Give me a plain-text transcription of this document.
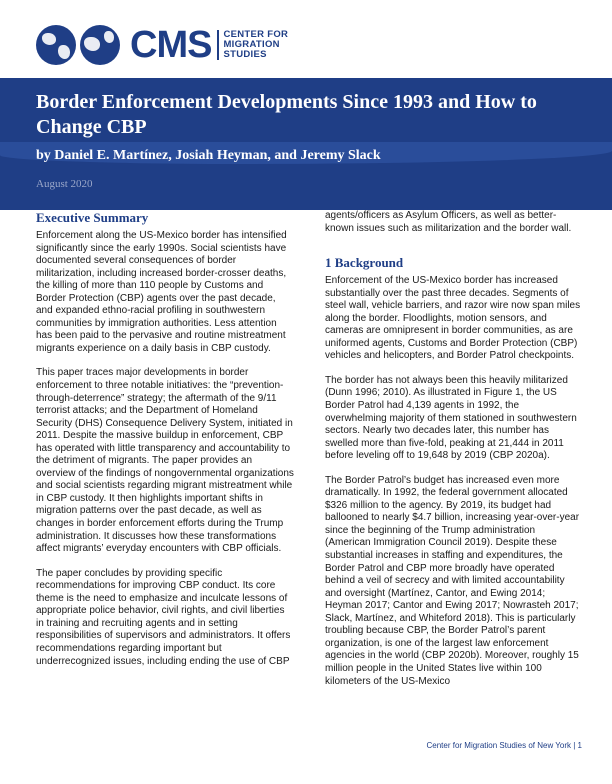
CMS CENTER FOR
MIGRATION
STUDIES
Border Enforcement Developments Since 1993 and How to Change CBP

by Daniel E. Martínez, Josiah Heyman, and Jeremy Slack

August 2020
Executive Summary

Enforcement along the US-Mexico border has intensified significantly since the early 1990s. Social scientists have documented several consequences of border militarization, including increased border-crosser deaths, the killing of more than 110 people by Customs and Border Protection (CBP) agents over the past decade, and expanded ethno-racial profiling in southwestern communities by immigration authorities. Less attention has been paid to the pervasive and routine mistreatment migrants experience on a daily basis in CBP custody.

This paper traces major developments in border enforcement to three notable initiatives: the “prevention-through-deterrence” strategy; the aftermath of the 9/11 terrorist attacks; and the Department of Homeland Security (DHS) Consequence Delivery System, initiated in 2011. Despite the massive buildup in enforcement, CBP has operated with little transparency and accountability to the detriment of migrants. The paper provides an overview of the findings of nongovernmental organizations and social scientists regarding migrant mistreatment while in CBP custody. It then highlights important shifts in migration patterns over the past decade, as well as changes in border enforcement efforts during the Trump administration. It discusses how these transformations affect migrants’ everyday encounters with CBP officials.

The paper concludes by providing specific recommendations for improving CBP conduct. Its core theme is the need to emphasize and inculcate lessons of appropriate police behavior, civil rights, and civil liberties in training and recruiting agents and in setting responsibilities of supervisors and administrators. It offers recommendations regarding important but underrecognized issues, including ending the use of CBP

agents/officers as Asylum Officers, as well as better-known issues such as militarization and the border wall.

1 Background

Enforcement of the US-Mexico border has increased substantially over the past three decades. Segments of steel wall, vehicle barriers, and razor wire now span miles along the border. Floodlights, motion sensors, and cameras are omnipresent in border communities, as are uniformed agents, Customs and Border Protection (CBP) vehicles and helicopters, and Border Patrol checkpoints.

The border has not always been this heavily militarized (Dunn 1996; 2010). As illustrated in Figure 1, the US Border Patrol had 4,139 agents in 1992, the overwhelming majority of them stationed in southwestern sectors. Nearly two decades later, this number has swelled more than five-fold, peaking at 21,444 in 2011 before leveling off to 19,648 by 2019 (CBP 2020a).

The Border Patrol’s budget has increased even more dramatically. In 1992, the federal government allocated $326 million to the agency. By 2019, its budget had ballooned to nearly $4.7 billion, increasing year-over-year since the beginning of the Trump administration (American Immigration Council 2019). Despite these substantial increases in staffing and expenditures, the Border Patrol and CBP more broadly have operated behind a veil of secrecy and with limited accountability and oversight (Martínez, Cantor, and Ewing 2014; Heyman 2017; Cantor and Ewing 2017; Nowrasteh 2017; Slack, Martínez, and Whiteford 2018). This is particularly troubling because CBP, the Border Patrol’s parent organization, is one of the largest law enforcement agencies in the world (CBP 2020b). Moreover, roughly 15 million people in the United States live within 100 kilometers of the US-Mexico

Center for Migration Studies of New York | 1
